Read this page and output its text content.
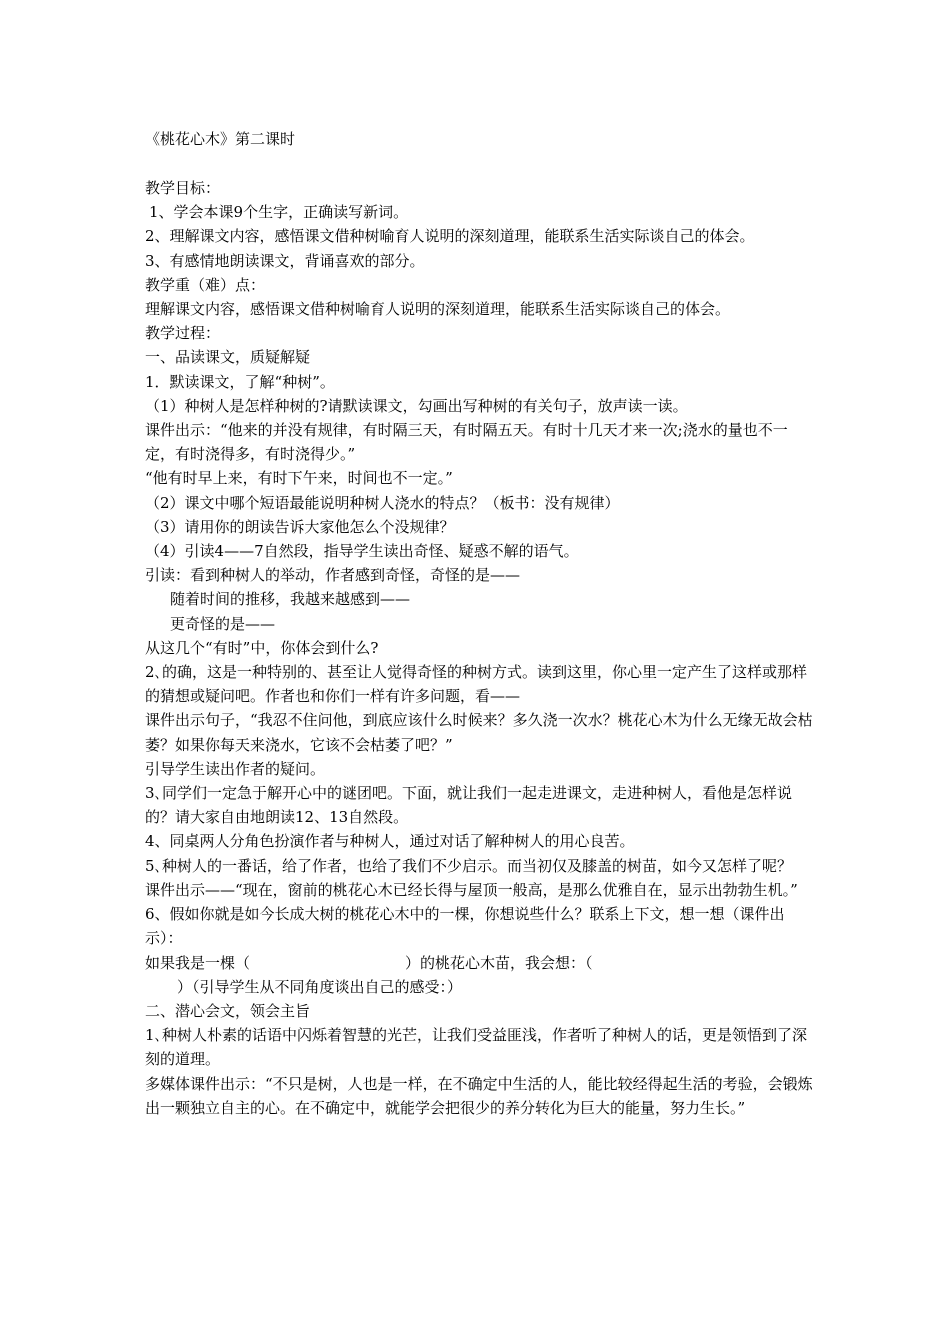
《桃花心木》第二课时

教学目标：

1、学会本课9个生字，正确读写新词。

2、理解课文内容，感悟课文借种树喻育人说明的深刻道理，能联系生活实际谈自己的体会。

3、有感情地朗读课文，背诵喜欢的部分。

教学重（难）点：

理解课文内容，感悟课文借种树喻育人说明的深刻道理，能联系生活实际谈自己的体会。

教学过程：

一、品读课文，质疑解疑

1．默读课文，了解“种树”。

（1）种树人是怎样种树的?请默读课文，勾画出写种树的有关句子，放声读一读。

课件出示：“他来的并没有规律，有时隔三天，有时隔五天。有时十几天才来一次;浇水的量也不一定，有时浇得多，有时浇得少。”

“他有时早上来，有时下午来，时间也不一定。”

（2）课文中哪个短语最能说明种树人浇水的特点？（板书：没有规律）

（3）请用你的朗读告诉大家他怎么个没规律？

（4）引读4——7自然段，指导学生读出奇怪、疑惑不解的语气。

引读：看到种树人的举动，作者感到奇怪，奇怪的是——

随着时间的推移，我越来越感到——

更奇怪的是——

从这几个“有时”中，你体会到什么?

2､的确，这是一种特别的、甚至让人觉得奇怪的种树方式。读到这里，你心里一定产生了这样或那样的猜想或疑问吧。作者也和你们一样有许多问题，看——

课件出示句子，“我忍不住问他，到底应该什么时候来？多久浇一次水？桃花心木为什么无缘无故会枯萎？如果你每天来浇水，它该不会枯萎了吧？”

引导学生读出作者的疑问。

3､同学们一定急于解开心中的谜团吧。下面，就让我们一起走进课文，走进种树人，看他是怎样说的？请大家自由地朗读12、13自然段。

4、同桌两人分角色扮演作者与种树人，通过对话了解种树人的用心良苦。

5､种树人的一番话，给了作者，也给了我们不少启示。而当初仅及膝盖的树苗，如今又怎样了呢？

课件出示——“现在，窗前的桃花心木已经长得与屋顶一般高，是那么优雅自在，显示出勃勃生机。”

6、假如你就是如今长成大树的桃花心木中的一棵，你想说些什么？联系上下文，想一想（课件出示）：

如果我是一棵（	）的桃花心木苗，我会想：（

）（引导学生从不同角度谈出自己的感受：）

二、潜心会文，领会主旨

1､种树人朴素的话语中闪烁着智慧的光芒，让我们受益匪浅，作者听了种树人的话，更是领悟到了深刻的道理。

多媒体课件出示：“不只是树，人也是一样，在不确定中生活的人，能比较经得起生活的考验，会锻炼出一颗独立自主的心。在不确定中，就能学会把很少的养分转化为巨大的能量，努力生长。”
